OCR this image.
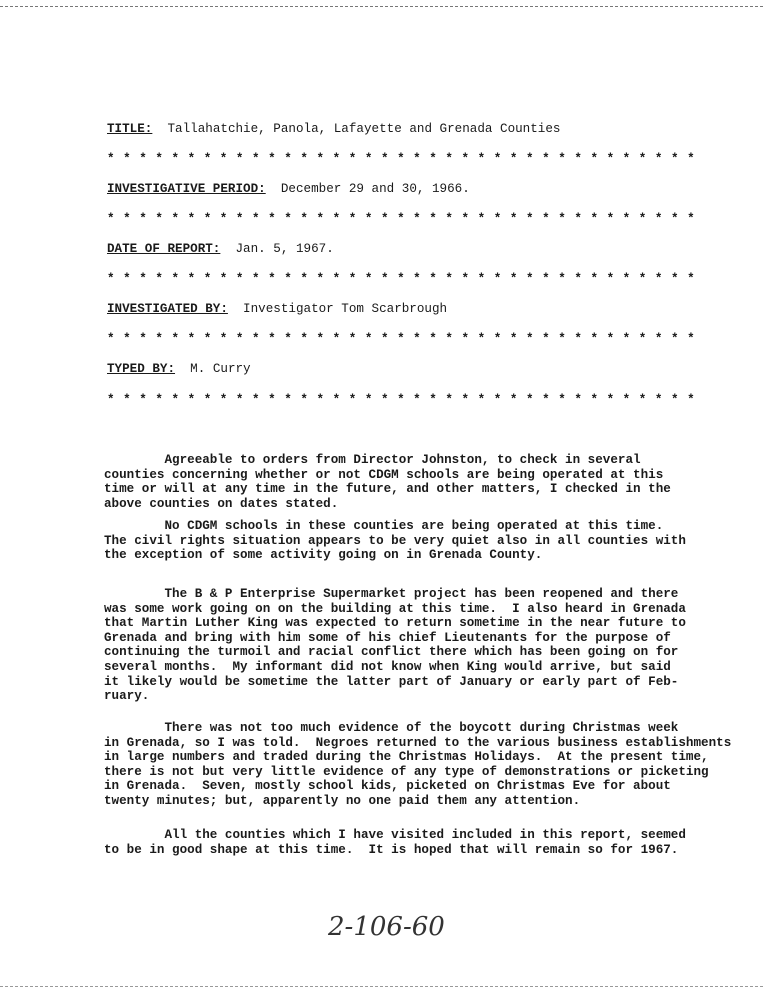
TITLE: Tallahatchie, Panola, Lafayette and Grenada Counties
* * * * * * * * * * * * * * * * * * * * * * * * * * * * * * * * * * * * *
INVESTIGATIVE PERIOD: December 29 and 30, 1966.
* * * * * * * * * * * * * * * * * * * * * * * * * * * * * * * * * * * * *
DATE OF REPORT: Jan. 5, 1967.
* * * * * * * * * * * * * * * * * * * * * * * * * * * * * * * * * * * * *
INVESTIGATED BY: Investigator Tom Scarbrough
* * * * * * * * * * * * * * * * * * * * * * * * * * * * * * * * * * * * *
TYPED BY: M. Curry
* * * * * * * * * * * * * * * * * * * * * * * * * * * * * * * * * * * * *
Agreeable to orders from Director Johnston, to check in several
counties concerning whether or not CDGM schools are being operated at this
time or will at any time in the future, and other matters, I checked in the
above counties on dates stated.
No CDGM schools in these counties are being operated at this time.
The civil rights situation appears to be very quiet also in all counties with
the exception of some activity going on in Grenada County.
The B & P Enterprise Supermarket project has been reopened and there
was some work going on on the building at this time.  I also heard in Grenada
that Martin Luther King was expected to return sometime in the near future to
Grenada and bring with him some of his chief Lieutenants for the purpose of
continuing the turmoil and racial conflict there which has been going on for
several months.  My informant did not know when King would arrive, but said
it likely would be sometime the latter part of January or early part of Feb-
ruary.
There was not too much evidence of the boycott during Christmas week
in Grenada, so I was told.  Negroes returned to the various business establishments
in large numbers and traded during the Christmas Holidays.  At the present time,
there is not but very little evidence of any type of demonstrations or picketing
in Grenada.  Seven, mostly school kids, picketed on Christmas Eve for about
twenty minutes; but, apparently no one paid them any attention.
All the counties which I have visited included in this report, seemed
to be in good shape at this time.  It is hoped that will remain so for 1967.
2-106-60
